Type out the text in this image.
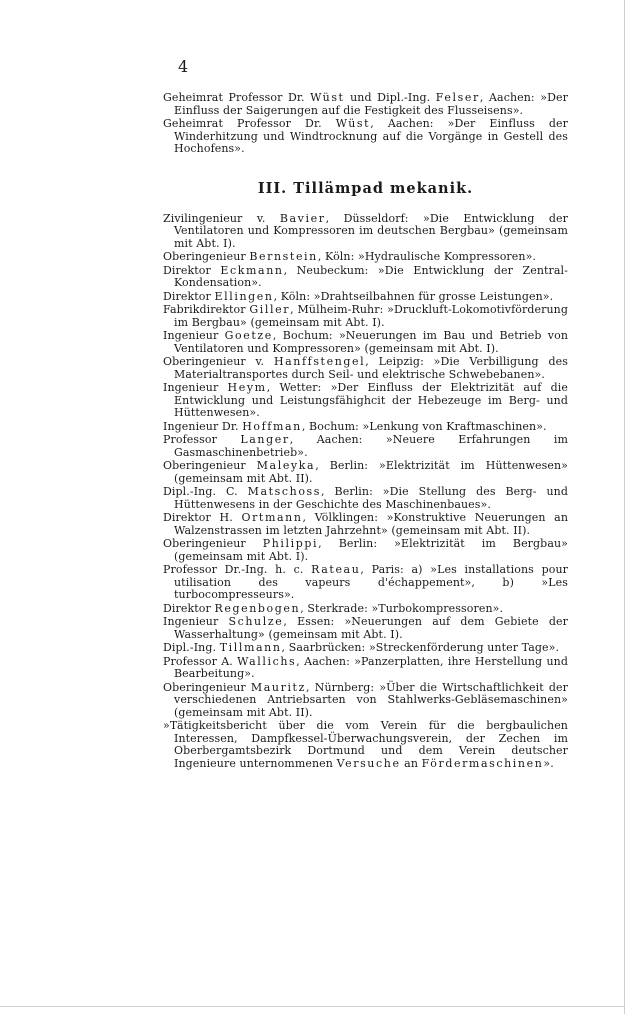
4

Geheimrat Professor Dr. Wüst und Dipl.-Ing. Felser, Aachen: »Der Einfluss der Saigerungen auf die Festigkeit des Flusseisens».

Geheimrat Professor Dr. Wüst, Aachen: »Der Einfluss der Winderhitzung und Windtrocknung auf die Vorgänge in Gestell des Hochofens».

III. Tillämpad mekanik.

Zivilingenieur v. Bavier, Düsseldorf: »Die Entwicklung der Ventilatoren und Kompressoren im deutschen Bergbau» (gemeinsam mit Abt. I).

Oberingenieur Bernstein, Köln: »Hydraulische Kompressoren».

Direktor Eckmann, Neubeckum: »Die Entwicklung der Zentral-Kondensation».

Direktor Ellingen, Köln: »Drahtseilbahnen für grosse Leistungen».

Fabrikdirektor Giller, Mülheim-Ruhr: »Druckluft-Lokomotivförderung im Bergbau» (gemeinsam mit Abt. I).

Ingenieur Goetze, Bochum: »Neuerungen im Bau und Betrieb von Ventilatoren und Kompressoren» (gemeinsam mit Abt. I).

Oberingenieur v. Hanffstengel, Leipzig: »Die Verbilligung des Materialtransportes durch Seil- und elektrische Schwebebanen».

Ingenieur Heym, Wetter: »Der Einfluss der Elektrizität auf die Entwicklung und Leistungsfähighcit der Hebezeuge im Berg- und Hüttenwesen».

Ingenieur Dr. Hoffman, Bochum: »Lenkung von Kraftmaschinen».

Professor Langer, Aachen: »Neuere Erfahrungen im Gasmaschinenbetrieb».

Oberingenieur Maleyka, Berlin: »Elektrizität im Hüttenwesen» (gemeinsam mit Abt. II).

Dipl.-Ing. C. Matschoss, Berlin: »Die Stellung des Berg- und Hüttenwesens in der Geschichte des Maschinenbaues».

Direktor H. Ortmann, Völklingen: »Konstruktive Neuerungen an Walzenstrassen im letzten Jahrzehnt» (gemeinsam mit Abt. II).

Oberingenieur Philippi, Berlin: »Elektrizität im Bergbau» (gemeinsam mit Abt. I).

Professor Dr.-Ing. h. c. Rateau, Paris: a) »Les installations pour utilisation des vapeurs d'échappement», b) »Les turbocompresseurs».

Direktor Regenbogen, Sterkrade: »Turbokompressoren».

Ingenieur Schulze, Essen: »Neuerungen auf dem Gebiete der Wasserhaltung» (gemeinsam mit Abt. I).

Dipl.-Ing. Tillmann, Saarbrücken: »Streckenförderung unter Tage».

Professor A. Wallichs, Aachen: »Panzerplatten, ihre Herstellung und Bearbeitung».

Oberingenieur Mauritz, Nürnberg: »Über die Wirtschaftlichkeit der verschiedenen Antriebsarten von Stahlwerks-Gebläsemaschinen» (gemeinsam mit Abt. II).

»Tätigkeitsbericht über die vom Verein für die bergbaulichen Interessen, Dampfkessel-Überwachungsverein, der Zechen im Oberbergamtsbezirk Dortmund und dem Verein deutscher Ingenieure unternommenen Versuche an Fördermaschinen».
